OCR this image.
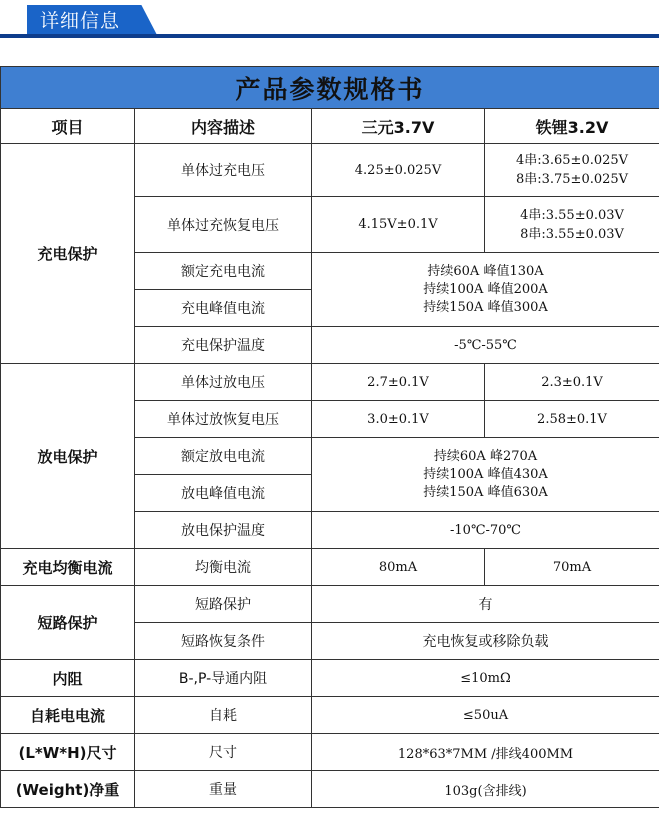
详细信息
产品参数规格书			
项目	内容描述	三元3.7V	铁锂3.2V
充电保护	单体过充电压	4.25±0.025V	4串:3.65±0.025V
8串:3.75±0.025V

	单体过充恢复电压	4.15V±0.1V	4串:3.55±0.03V
8串:3.55±0.03V

	额定充电电流	持续60A 峰值130A
持续100A 峰值200A
持续150A 峰值300A	

	充电峰值电流		
	充电保护温度	-5℃-55℃	
放电保护	单体过放电压	2.7±0.1V	2.3±0.1V
	单体过放恢复电压	3.0±0.1V	2.58±0.1V
	额定放电电流	持续60A 峰270A
持续100A 峰值430A
持续150A 峰值630A	

	放电峰值电流		
	放电保护温度	-10℃-70℃	
充电均衡电流	均衡电流	80mA	70mA
短路保护	短路保护	有	
	短路恢复条件	充电恢复或移除负载	
内阻	B-,P-导通内阻	≤10mΩ	
自耗电电流	自耗	≤50uA	
(L*W*H)尺寸	尺寸	128*63*7MM /排线400MM	
(Weight)净重	重量	103g(含排线)	
